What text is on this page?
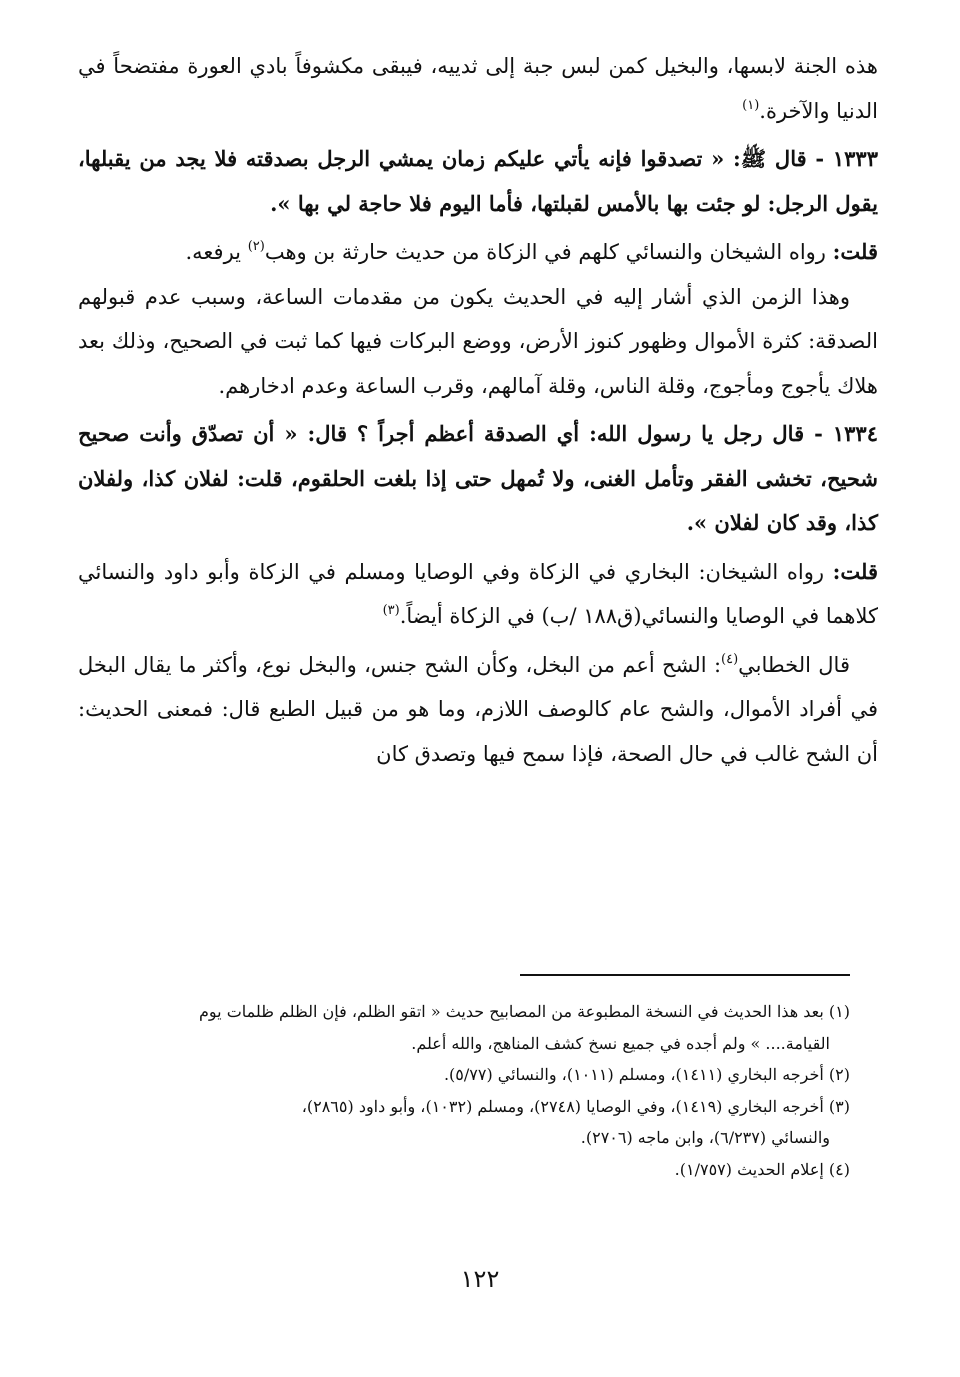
هذه الجنة لابسها، والبخيل كمن لبس جبة إلى ثدييه، فيبقى مكشوفاً بادي العورة مفتضحاً في الدنيا والآخرة.$^{(١)}$

١٣٣٣ - قال ﷺ: « تصدقوا فإنه يأتي عليكم زمان يمشي الرجل بصدقته فلا يجد من يقبلها، يقول الرجل: لو جئت بها بالأمس لقبلتها، فأما اليوم فلا حاجة لي بها ».

قلت: رواه الشيخان والنسائي كلهم في الزكاة من حديث حارثة بن وهب$^{(٢)}$ يرفعه.

وهذا الزمن الذي أشار إليه في الحديث يكون من مقدمات الساعة، وسبب عدم قبولهم الصدقة: كثرة الأموال وظهور كنوز الأرض، ووضع البركات فيها كما ثبت في الصحيح، وذلك بعد هلاك يأجوج ومأجوج، وقلة الناس، وقلة آمالهم، وقرب الساعة وعدم ادخارهم.

١٣٣٤ - قال رجل يا رسول الله: أي الصدقة أعظم أجراً ؟ قال: « أن تصدّق وأنت صحيح شحيح، تخشى الفقر وتأمل الغنى، ولا تُمهل حتى إذا بلغت الحلقوم، قلت: لفلان كذا، ولفلان كذا، وقد كان لفلان ».

قلت: رواه الشيخان: البخاري في الزكاة وفي الوصايا ومسلم في الزكاة وأبو داود والنسائي كلاهما في الوصايا والنسائي(ق١٨٨ /ب) في الزكاة أيضاً.$^{(٣)}$

قال الخطابي$^{(٤)}$: الشح أعم من البخل، وكأن الشح جنس، والبخل نوع، وأكثر ما يقال البخل في أفراد الأموال، والشح عام كالوصف اللازم، وما هو من قبيل الطبع قال: فمعنى الحديث: أن الشح غالب في حال الصحة، فإذا سمح فيها وتصدق كان

(١) بعد هذا الحديث في النسخة المطبوعة من المصابيح حديث « اتقو الظلم، فإن الظلم ظلمات يوم
القيامة.... » ولم أجده في جميع نسخ كشف المناهج، والله أعلم.
(٢) أخرجه البخاري (١٤١١)، ومسلم (١٠١١)، والنسائي (٥/٧٧).
(٣) أخرجه البخاري (١٤١٩)، وفي الوصايا (٢٧٤٨)، ومسلم (١٠٣٢)، وأبو داود (٢٨٦٥)،
والنسائي (٦/٢٣٧)، وابن ماجه (٢٧٠٦).
(٤) إعلام الحديث (١/٧٥٧).
١٢٢
